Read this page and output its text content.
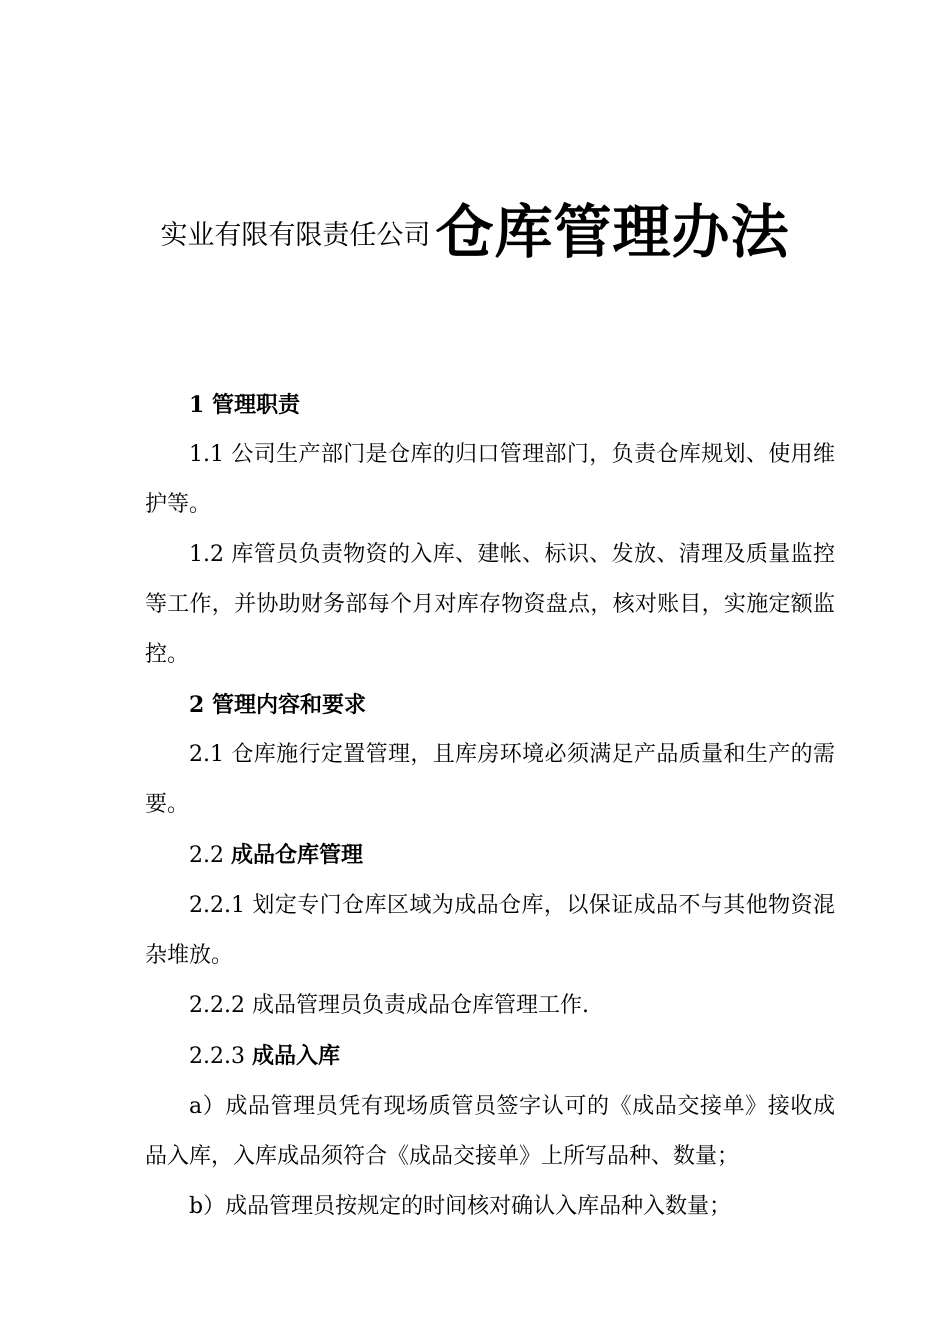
实业有限有限责任公司 仓库管理办法

1 管理职责

1.1 公司生产部门是仓库的归口管理部门，负责仓库规划、使用维护等。

1.2 库管员负责物资的入库、建帐、标识、发放、清理及质量监控等工作，并协助财务部每个月对库存物资盘点，核对账目，实施定额监控。

2 管理内容和要求

2.1 仓库施行定置管理，且库房环境必须满足产品质量和生产的需要。

2.2 成品仓库管理

2.2.1 划定专门仓库区域为成品仓库，以保证成品不与其他物资混杂堆放。

2.2.2 成品管理员负责成品仓库管理工作.

2.2.3 成品入库

a）成品管理员凭有现场质管员签字认可的《成品交接单》接收成品入库，入库成品须符合《成品交接单》上所写品种、数量；

b）成品管理员按规定的时间核对确认入库品种入数量；
